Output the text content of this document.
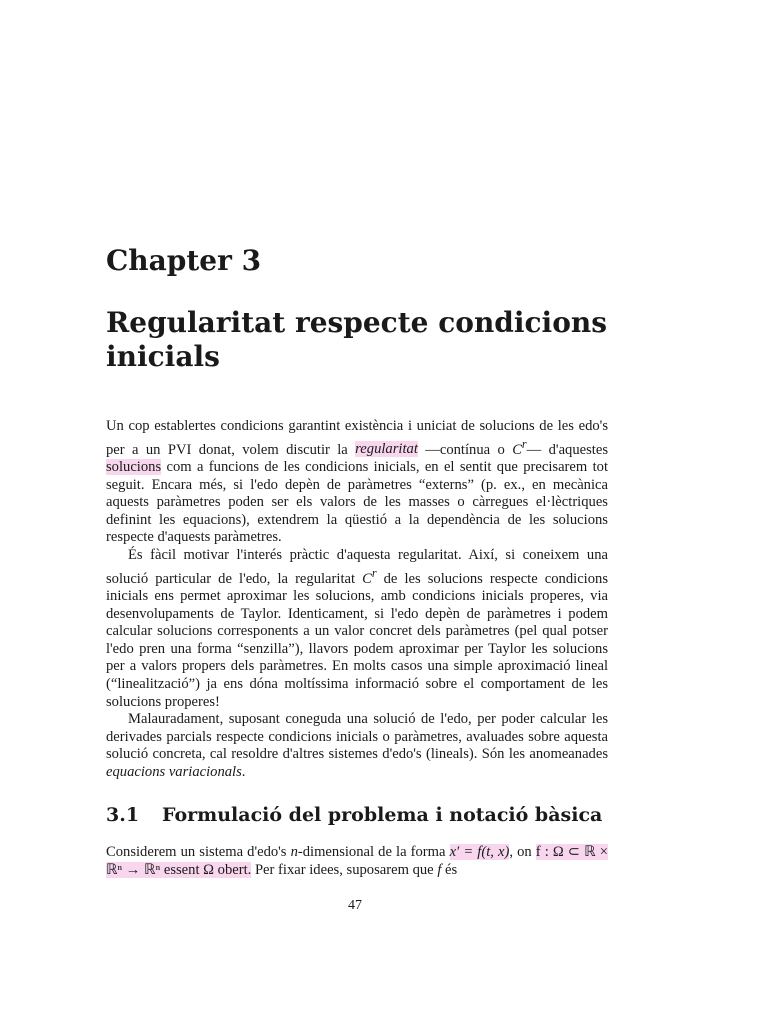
Chapter 3
Regularitat respecte condicions inicials

Un cop establertes condicions garantint existència i uniciat de solucions de les edo's per a un PVI donat, volem discutir la regularitat —contínua o $C^r—$ d'aquestes solucions com a funcions de les condicions inicials, en el sentit que precisarem tot seguit. Encara més, si l'edo depèn de paràmetres “externs” (p. ex., en mecànica aquests paràmetres poden ser els valors de les masses o càrregues el·lèctriques definint les equacions), extendrem la qüestió a la dependència de les solucions respecte d'aquests paràmetres.

És fàcil motivar l'interés pràctic d'aquesta regularitat. Així, si coneixem una solució particular de l'edo, la regularitat $C^r$ de les solucions respecte condicions inicials ens permet aproximar les solucions, amb condicions inicials properes, via desenvolupaments de Taylor. Identicament, si l'edo depèn de paràmetres i podem calcular solucions corresponents a un valor concret dels paràmetres (pel qual potser l'edo pren una forma “senzilla”), llavors podem aproximar per Taylor les solucions per a valors propers dels paràmetres. En molts casos una simple aproximació lineal (“linealització”) ja ens dóna moltíssima informació sobre el comportament de les solucions properes!

Malauradament, suposant coneguda una solució de l'edo, per poder calcular les derivades parcials respecte condicions inicials o paràmetres, avaluades sobre aquesta solució concreta, cal resoldre d'altres sistemes d'edo's (lineals). Són les anomeanades equacions variacionals.

3.1 Formulació del problema i notació bàsica

Considerem un sistema d'edo's n-dimensional de la forma x′ = f(t, x), on f : Ω ⊂ ℝ × ℝⁿ → ℝⁿ essent Ω obert. Per fixar idees, suposarem que f és

47
